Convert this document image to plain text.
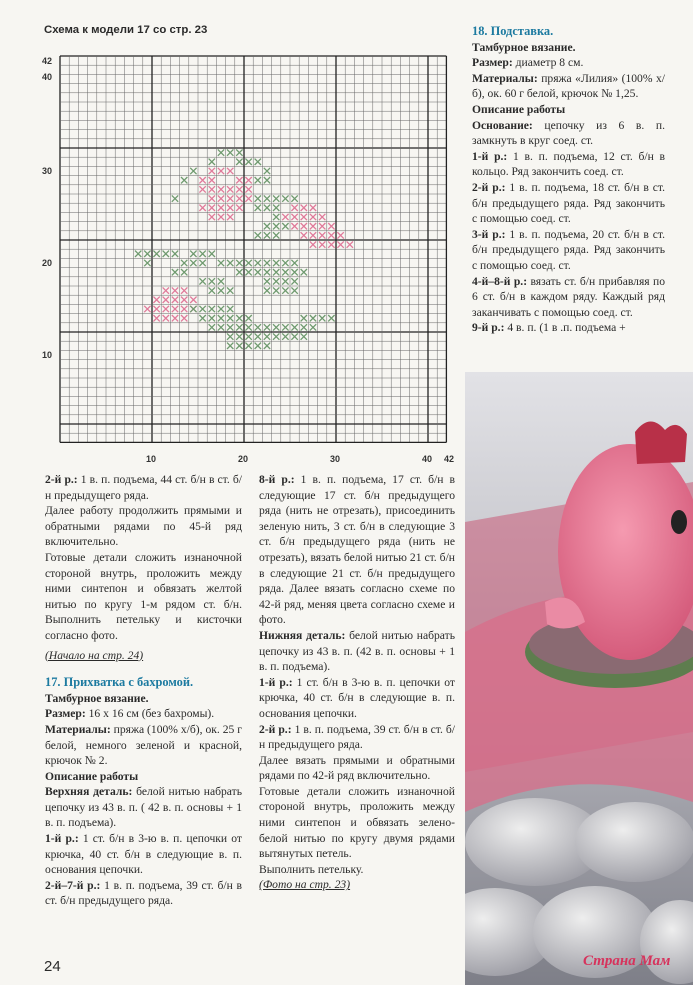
Схема к модели 17 со стр. 23
42
40
30
20
10
10	20	30	40 42

2-й р.: 1 в. п. подъема, 44 ст. б/н в ст. б/н предыдущего ряда.

Далее работу продолжить прямыми и обратными рядами по 45-й ряд включительно.

Готовые детали сложить изнаночной стороной внутрь, проложить между ними синтепон и обвязать желтой нитью по кругу 1-м рядом ст. б/н. Выполнить петельку и кисточки согласно фото.

(Начало на стр. 24)

17. Прихватка с бахромой.

Тамбурное вязание.

Размер: 16 х 16 см (без бахромы).

Материалы: пряжа (100% х/б), ок. 25 г белой, немного зеленой и красной, крючок № 2.

Описание работы

Верхняя деталь: белой нитью набрать цепочку из 43 в. п. ( 42 в. п. основы + 1 в. п. подъема).

1-й р.: 1 ст. б/н в 3-ю в. п. цепочки от крючка, 40 ст. б/н в следующие в. п. основания цепочки.

2-й–7-й р.: 1 в. п. подъема, 39 ст. б/н в ст. б/н предыдущего ряда.

8-й р.: 1 в. п. подъема, 17 ст. б/н в следующие 17 ст. б/н предыдущего ряда (нить не отрезать), присоединить зеленую нить, 3 ст. б/н в следующие 3 ст. б/н предыдущего ряда (нить не отрезать), вязать белой нитью 21 ст. б/н в следующие 21 ст. б/н предыдущего ряда. Далее вязать согласно схеме по 42-й ряд, меняя цвета согласно схеме и фото.

Нижняя деталь: белой нитью набрать цепочку из 43 в. п. (42 в. п. основы + 1 в. п. подъема).

1-й р.: 1 ст. б/н в 3-ю в. п. цепочки от крючка, 40 ст. б/н в следующие в. п. основания цепочки.

2-й р.: 1 в. п. подъема, 39 ст. б/н в ст. б/н предыдущего ряда.

Далее вязать прямыми и обратными рядами по 42-й ряд включительно.

Готовые детали сложить изнаночной стороной внутрь, проложить между ними синтепон и обвязать зелено-белой нитью по кругу двумя рядами вытянутых петель.

Выполнить петельку.

(Фото на стр. 23)

18. Подставка.

Тамбурное вязание.

Размер: диаметр 8 см.

Материалы: пряжа «Лилия» (100% х/б), ок. 60 г белой, крючок № 1,25.

Описание работы

Основание: цепочку из 6 в. п. замкнуть в круг соед. ст.

1-й р.: 1 в. п. подъема, 12 ст. б/н в кольцо. Ряд закончить соед. ст.

2-й р.: 1 в. п. подъема, 18 ст. б/н в ст. б/н предыдущего ряда. Ряд закончить с помощью соед. ст.

3-й р.: 1 в. п. подъема, 20 ст. б/н в ст. б/н предыдущего ряда. Ряд закончить с помощью соед. ст.

4-й–8-й р.: вязать ст. б/н прибавляя по 6 ст. б/н в каждом ряду. Каждый ряд заканчивать с помощью соед. ст.

9-й р.: 4 в. п. (1 в .п. подъема +

24	Страна Мам
